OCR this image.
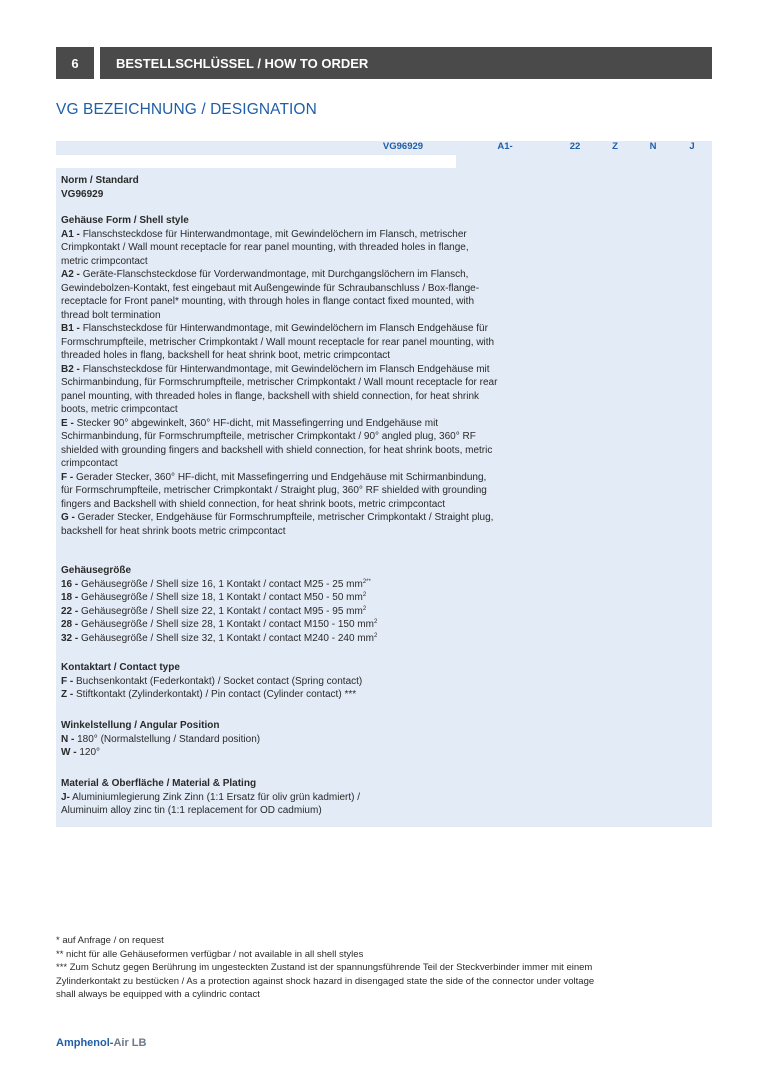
6	BESTELLSCHLÜSSEL / HOW TO ORDER
VG BEZEICHNUNG / DESIGNATION
VG96929	A1-	22	Z	N	J
Norm / Standard
VG96929
Gehäuse Form / Shell style
A1 - Flanschsteckdose für Hinterwandmontage, mit Gewindelöchern im Flansch, metrischer
Crimpkontakt / Wall mount receptacle for rear panel mounting, with threaded holes in flange,
metric crimpcontact
A2 - Geräte-Flanschsteckdose für Vorderwandmontage, mit Durchgangslöchern im Flansch,
Gewindebolzen-Kontakt, fest eingebaut mit Außengewinde für Schraubanschluss / Box-flange-
receptacle for Front panel* mounting, with through holes in flange contact fixed mounted, with
thread bolt termination
B1 - Flanschsteckdose für Hinterwandmontage, mit Gewindelöchern im Flansch Endgehäuse für
Formschrumpfteile, metrischer Crimpkontakt / Wall mount receptacle for rear panel mounting, with
threaded holes in flang, backshell for heat shrink boot, metric crimpcontact
B2 - Flanschsteckdose für Hinterwandmontage, mit Gewindelöchern im Flansch Endgehäuse mit
Schirmanbindung, für Formschrumpfteile, metrischer Crimpkontakt / Wall mount receptacle for rear
panel mounting, with threaded holes in flange, backshell with shield connection, for heat shrink
boots, metric crimpcontact
E - Stecker 90° abgewinkelt, 360° HF-dicht, mit Massefingerring und Endgehäuse mit
Schirmanbindung, für Formschrumpfteile, metrischer Crimpkontakt / 90° angled plug, 360° RF
shielded with grounding fingers and backshell with shield connection, for heat shrink boots, metric
crimpcontact
F - Gerader Stecker, 360° HF-dicht, mit Massefingerring und Endgehäuse mit Schirmanbindung,
für Formschrumpfteile, metrischer Crimpkontakt / Straight plug, 360° RF shielded with grounding
fingers and Backshell with shield connection, for heat shrink boots, metric crimpcontact
G - Gerader Stecker, Endgehäuse für Formschrumpfteile, metrischer Crimpkontakt / Straight plug,
backshell for heat shrink boots metric crimpcontact
Gehäusegröße
16 - Gehäusegröße / Shell size 16, 1 Kontakt / contact M25 - 25 $mm^{2**}$
18 - Gehäusegröße / Shell size 18, 1 Kontakt / contact M50 - 50 $mm^2$
22 - Gehäusegröße / Shell size 22, 1 Kontakt / contact M95 - 95 $mm^2$
28 - Gehäusegröße / Shell size 28, 1 Kontakt / contact M150 - 150 $mm^2$
32 - Gehäusegröße / Shell size 32, 1 Kontakt / contact M240 - 240 $mm^2$
Kontaktart / Contact type
F - Buchsenkontakt (Federkontakt) / Socket contact (Spring contact)
Z - Stiftkontakt (Zylinderkontakt) / Pin contact (Cylinder contact) ***
Winkelstellung / Angular Position
N - 180° (Normalstellung / Standard position)
W - 120°
Material & Oberfläche / Material & Plating
J- Aluminiumlegierung Zink Zinn (1:1 Ersatz für oliv grün kadmiert) /
Aluminuim alloy zinc tin (1:1 replacement for OD cadmium)
* auf Anfrage / on request
** nicht für alle Gehäuseformen verfügbar / not available in all shell styles
*** Zum Schutz gegen Berührung im ungesteckten Zustand ist der spannungsführende Teil der Steckverbinder immer mit einem
Zylinderkontakt zu bestücken / As a protection against shock hazard in disengaged state the side of the connector under voltage
shall always be equipped with a cylindric contact
Amphenol-Air LB
